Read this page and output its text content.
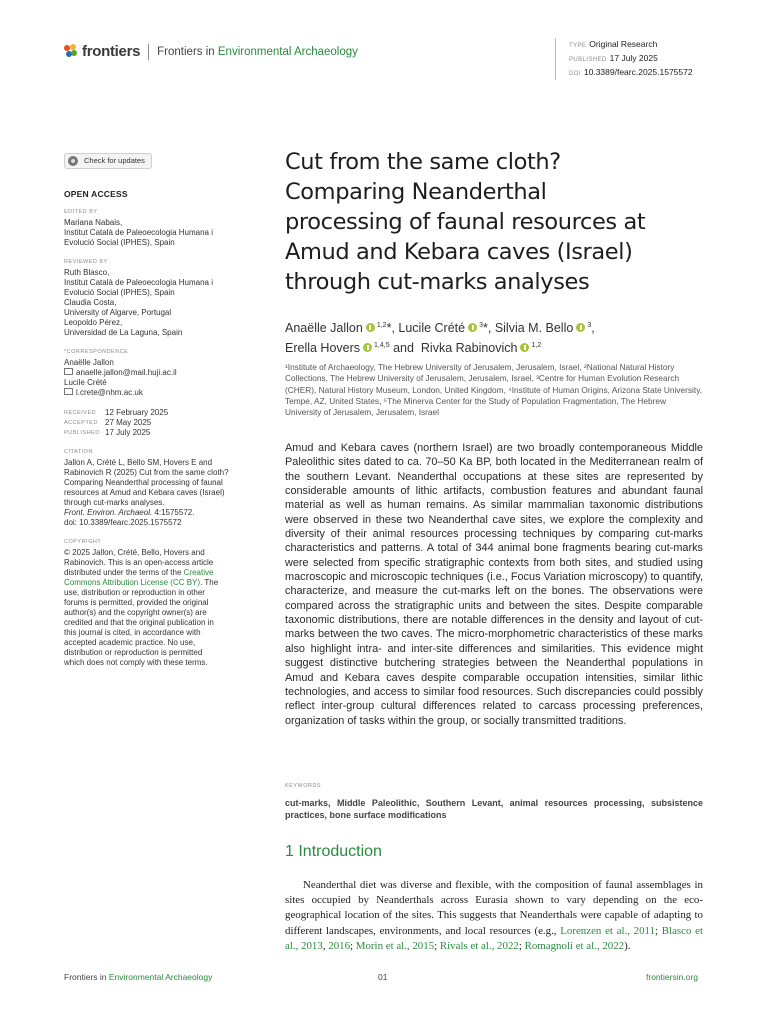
frontiers Frontiers in Environmental Archaeology	TYPE Original Research
PUBLISHED 17 July 2025
DOI 10.3389/fearc.2025.1575572
Check for updates
OPEN ACCESS
EDITED BY
Mariana Nabais,
Institut Català de Paleoecologia Humana i
Evolució Social (IPHES), Spain
REVIEWED BY
Ruth Blasco,
Institut Català de Paleoecologia Humana i
Evolució Social (IPHES), Spain
Claudia Costa,
University of Algarve, Portugal
Leopoldo Pérez,
Universidad de La Laguna, Spain
*CORRESPONDENCE
Anaëlle Jallon
anaelle.jallon@mail.huji.ac.il
Lucile Crété
l.crete@nhm.ac.uk
RECEIVED	12 February 2025
ACCEPTED 27 May 2025
PUBLISHED 17 July 2025
CITATION
Jallon A, Crété L, Bello SM, Hovers E and
Rabinovich R (2025) Cut from the same cloth?
Comparing Neanderthal processing of faunal
resources at Amud and Kebara caves (Israel)
through cut-marks analyses.
Front. Environ. Archaeol. 4:1575572.
doi: 10.3389/fearc.2025.1575572
COPYRIGHT
© 2025 Jallon, Crété, Bello, Hovers and
Rabinovich. This is an open-access article
distributed under the terms of the Creative
Commons Attribution License (CC BY). The
use, distribution or reproduction in other
forums is permitted, provided the original
author(s) and the copyright owner(s) are
credited and that the original publication in
this journal is cited, in accordance with
accepted academic practice. No use,
distribution or reproduction is permitted
which does not comply with these terms.
Cut from the same cloth?
Comparing Neanderthal
processing of faunal resources at
Amud and Kebara caves (Israel)
through cut-marks analyses
Anaëlle Jallon $^{1,2}$*, Lucile Crété $^3$*, Silvia M. Bello $^3$,
Erella Hovers $^{1,4,5}$ and  Rivka Rabinovich $^{1,2}$
¹Institute of Archaeology, The Hebrew University of Jerusalem, Jerusalem, Israel, ²National Natural History Collections, The Hebrew University of Jerusalem, Jerusalem, Israel, ³Centre for Human Evolution Research (CHER), Natural History Museum, London, United Kingdom, ⁴Institute of Human Origins, Arizona State University, Tempe, AZ, United States, ⁵The Minerva Center for the Study of Population Fragmentation, The Hebrew University of Jerusalem, Jerusalem, Israel
Amud and Kebara caves (northern Israel) are two broadly contemporaneous Middle Paleolithic sites dated to ca. 70–50 Ka BP, both located in the Mediterranean realm of the southern Levant. Neanderthal occupations at these sites are represented by considerable amounts of lithic artifacts, combustion features and abundant faunal material as well as human remains. As similar mammalian taxonomic distributions were observed in these two Neanderthal cave sites, we explore the complexity and diversity of their animal resources processing techniques by comparing cut-marks characteristics and patterns. A total of 344 animal bone fragments bearing cut-marks were selected from specific stratigraphic contexts from both sites, and studied using macroscopic and microscopic techniques (i.e., Focus Variation microscopy) to quantify, characterize, and measure the cut-marks left on the bones. The observations were compared across the stratigraphic units and between the sites. Despite comparable taxonomic distributions, there are notable differences in the density and layout of cut-marks between the two caves. The micro-morphometric characteristics of these marks also highlight intra- and inter-site differences and similarities. This evidence might suggest distinctive butchering strategies between the Neanderthal populations in Amud and Kebara caves despite comparable occupation intensities, similar lithic technologies, and access to similar food resources. Such discrepancies could possibly reflect inter-group cultural differences related to carcass processing preferences, organization of tasks within the group, or socially transmitted traditions.
KEYWORDS
cut-marks, Middle Paleolithic, Southern Levant, animal resources processing, subsistence practices, bone surface modifications
1 Introduction
Neanderthal diet was diverse and flexible, with the composition of faunal assemblages in sites occupied by Neanderthals across Eurasia shown to vary depending on the eco-geographical location of the sites. This suggests that Neanderthals were capable of adapting to different landscapes, environments, and local resources (e.g., Lorenzen et al., 2011; Blasco et al., 2013, 2016; Morin et al., 2015; Rivals et al., 2022; Romagnoli et al., 2022).
Frontiers in Environmental Archaeology	01	frontiersin.org
